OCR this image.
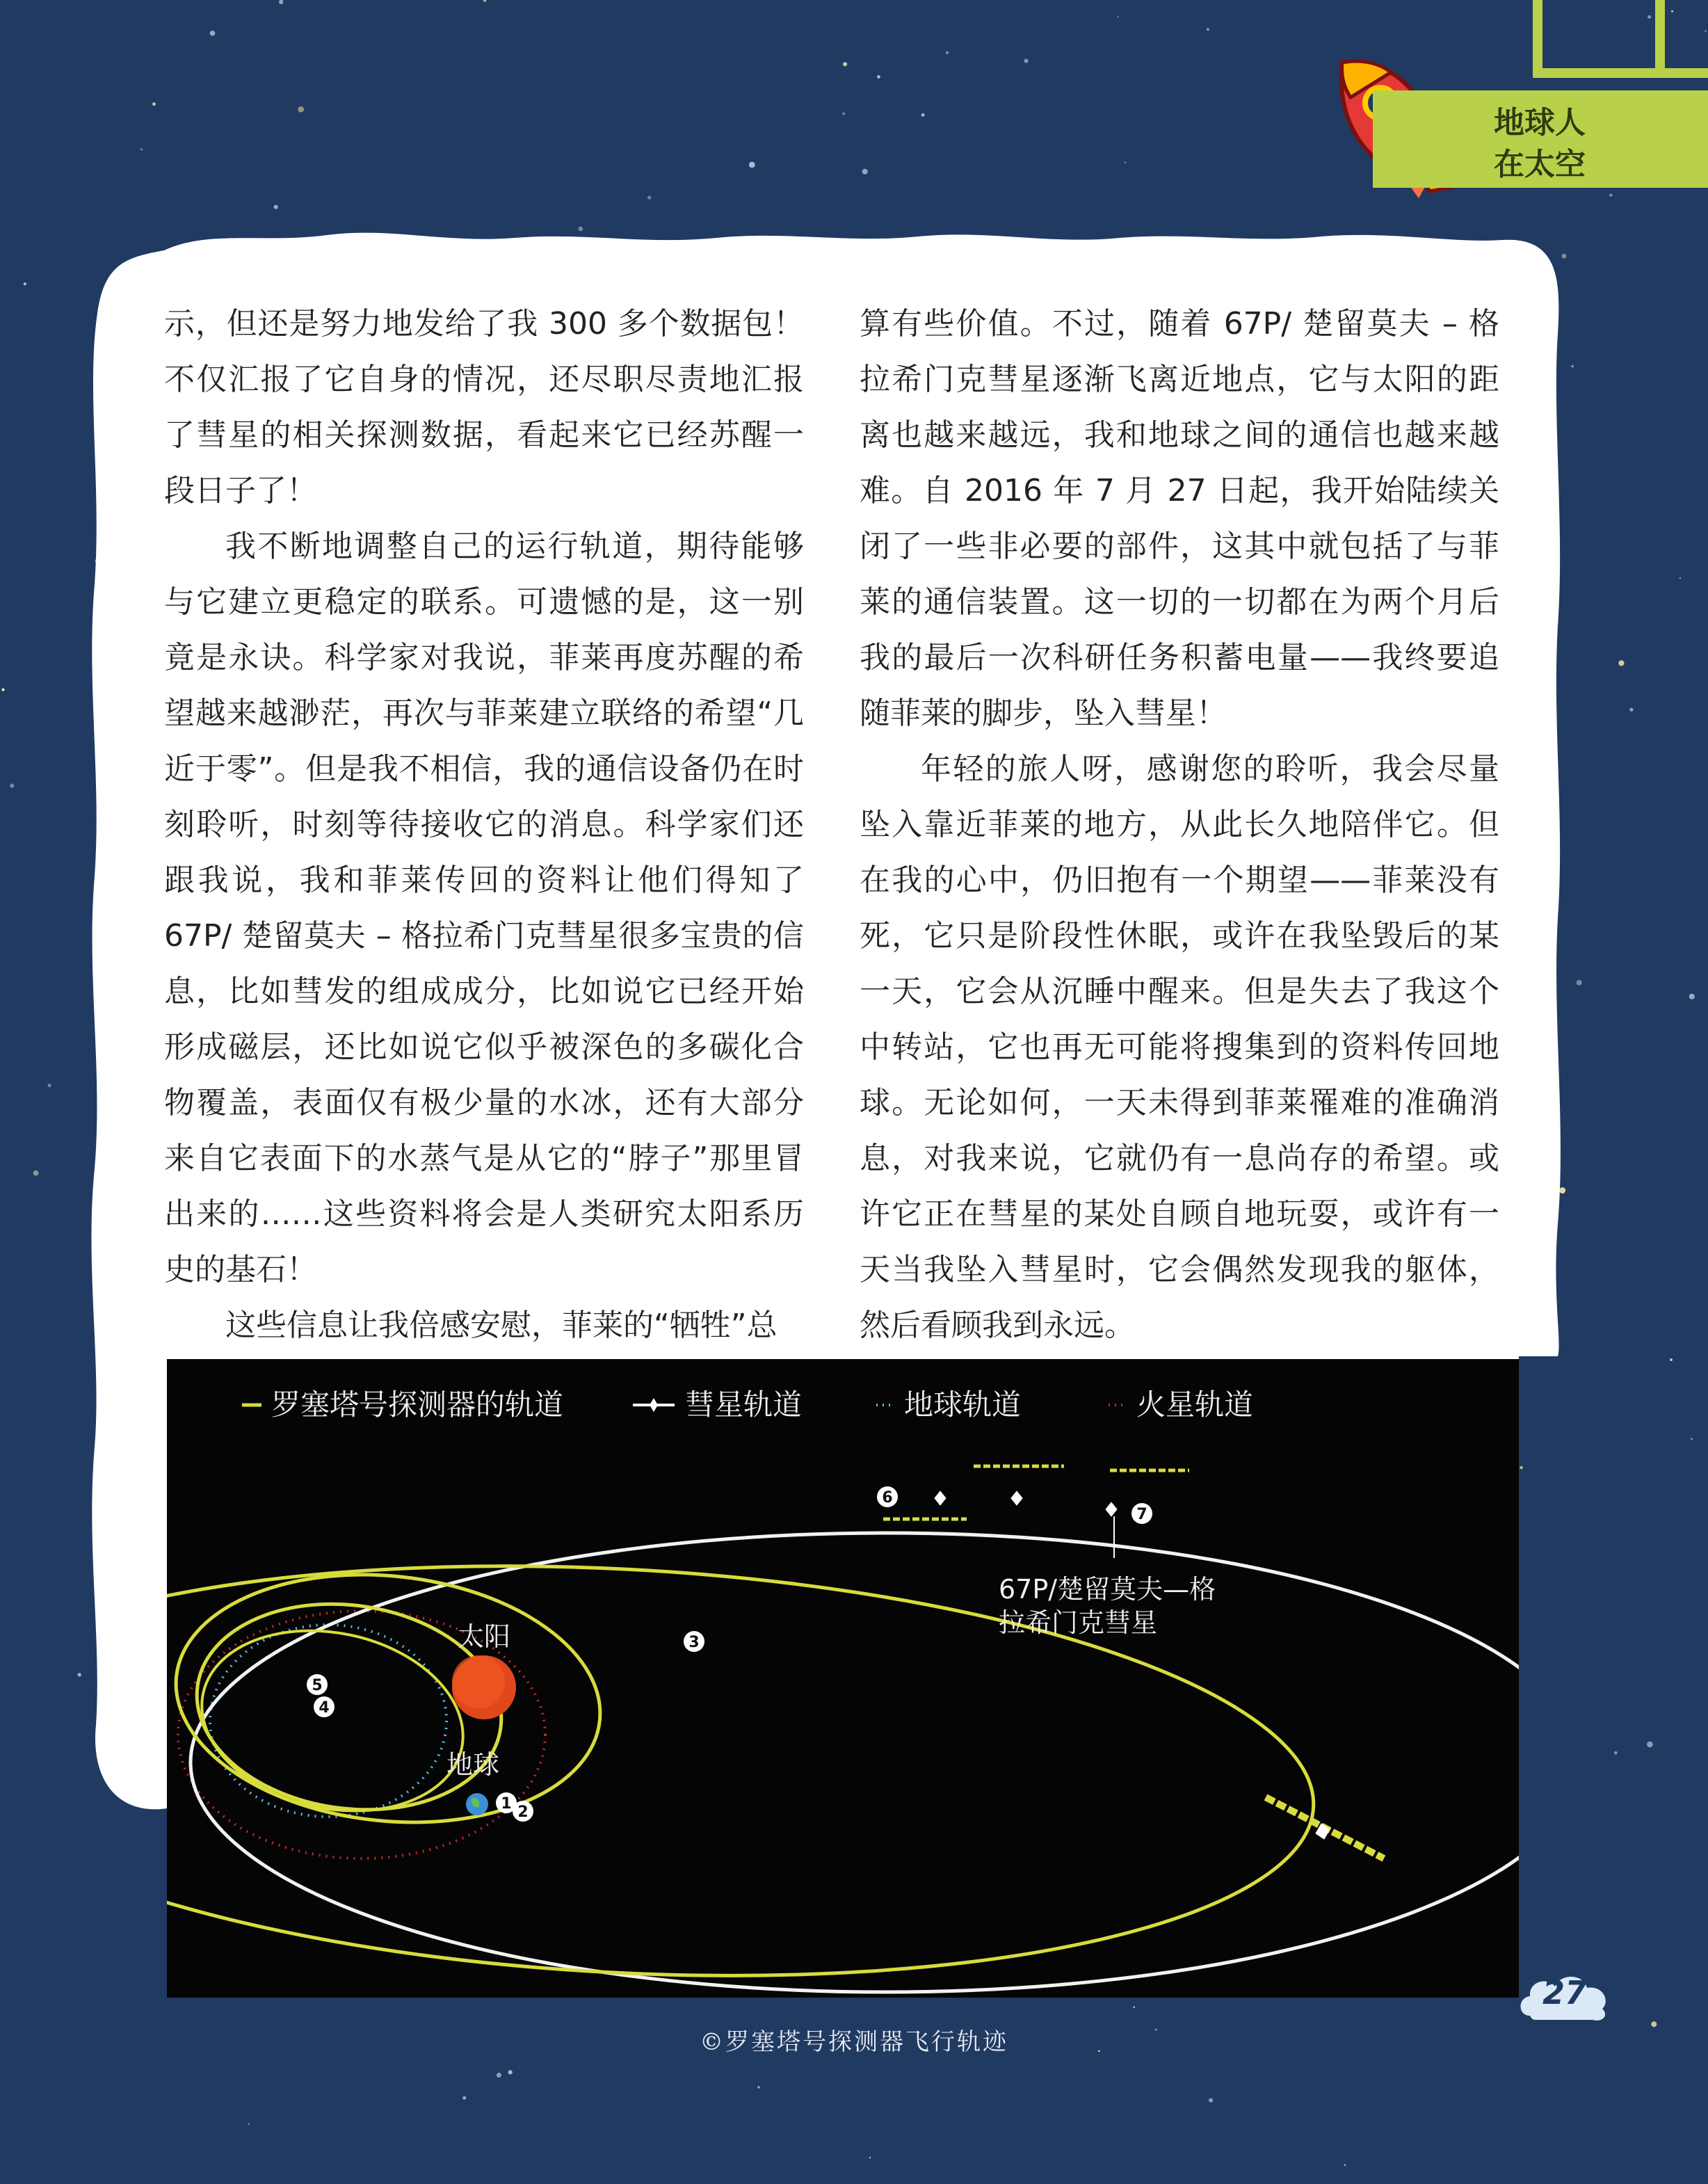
地球人
在太空

示，但还是努力地发给了我 300 多个数据包！不仅汇报了它自身的情况，还尽职尽责地汇报了彗星的相关探测数据，看起来它已经苏醒一段日子了！

我不断地调整自己的运行轨道，期待能够与它建立更稳定的联系。可遗憾的是，这一别竟是永诀。科学家对我说，菲莱再度苏醒的希望越来越渺茫，再次与菲莱建立联络的希望“几近于零”。但是我不相信，我的通信设备仍在时刻聆听，时刻等待接收它的消息。科学家们还跟我说，我和菲莱传回的资料让他们得知了 67P/ 楚留莫夫 – 格拉希门克彗星很多宝贵的信息，比如彗发的组成成分，比如说它已经开始形成磁层，还比如说它似乎被深色的多碳化合物覆盖，表面仅有极少量的水冰，还有大部分来自它表面下的水蒸气是从它的“脖子”那里冒出来的……这些资料将会是人类研究太阳系历史的基石！

这些信息让我倍感安慰，菲莱的“牺牲”总

算有些价值。不过，随着 67P/ 楚留莫夫 – 格拉希门克彗星逐渐飞离近地点，它与太阳的距离也越来越远，我和地球之间的通信也越来越难。自 2016 年 7 月 27 日起，我开始陆续关闭了一些非必要的部件，这其中就包括了与菲莱的通信装置。这一切的一切都在为两个月后我的最后一次科研任务积蓄电量——我终要追随菲莱的脚步，坠入彗星！

年轻的旅人呀，感谢您的聆听，我会尽量坠入靠近菲莱的地方，从此长久地陪伴它。但在我的心中，仍旧抱有一个期望——菲莱没有死，它只是阶段性休眠，或许在我坠毁后的某一天，它会从沉睡中醒来。但是失去了我这个中转站，它也再无可能将搜集到的资料传回地球。无论如何，一天未得到菲莱罹难的准确消息，对我来说，它就仍有一息尚存的希望。或许它正在彗星的某处自顾自地玩耍，或许有一天当我坠入彗星时，它会偶然发现我的躯体，然后看顾我到永远。

罗塞塔号探测器的轨道	彗星轨道	地球轨道	火星轨道
太阳
地球
67P/楚留莫夫—格
拉希门克彗星
1 2
3
4
5
6
7
©罗塞塔号探测器飞行轨迹
27
